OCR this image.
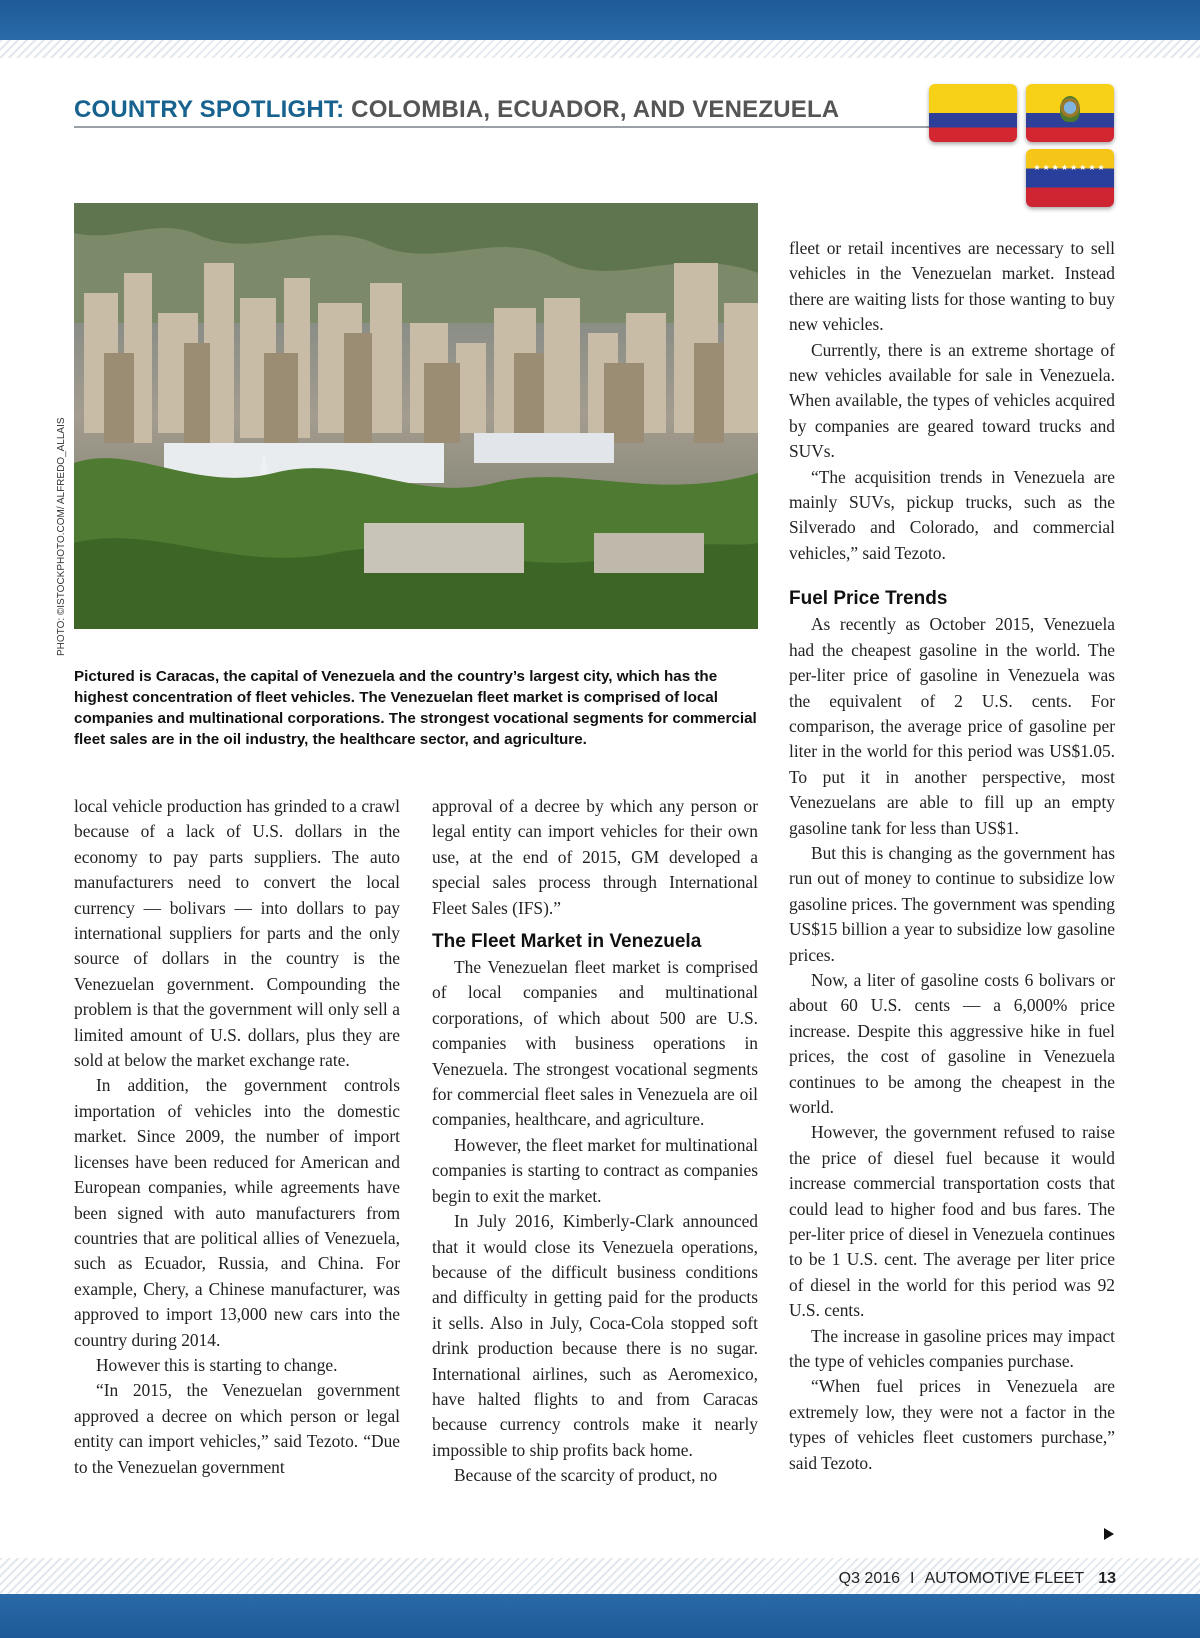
COUNTRY SPOTLIGHT: COLOMBIA, ECUADOR, AND VENEZUELA
★★★★★★★★
PHOTO: ©ISTOCKPHOTO.COM/ ALFREDO_ALLAIS
Pictured is Caracas, the capital of Venezuela and the country’s largest city, which has the highest concentration of fleet vehicles. The Venezuelan fleet market is comprised of local companies and multinational corporations. The strongest vocational segments for commercial fleet sales are in the oil industry, the healthcare sector, and agriculture.

local vehicle production has grinded to a crawl because of a lack of U.S. dollars in the economy to pay parts suppliers. The auto manufacturers need to convert the local currency — bolivars — into dollars to pay international suppliers for parts and the only source of dollars in the country is the Venezuelan government. Compounding the problem is that the government will only sell a limited amount of U.S. dollars, plus they are sold at below the market exchange rate.

In addition, the government controls importation of vehicles into the domestic market. Since 2009, the number of import licenses have been reduced for American and European companies, while agreements have been signed with auto manufacturers from countries that are political allies of Venezuela, such as Ecuador, Russia, and China. For example, Chery, a Chinese manufacturer, was approved to import 13,000 new cars into the country during 2014.

However this is starting to change.

“In 2015, the Venezuelan government approved a decree on which person or legal entity can import vehicles,” said Tezoto. “Due to the Venezuelan government

approval of a decree by which any person or legal entity can import vehicles for their own use, at the end of 2015, GM developed a special sales process through International Fleet Sales (IFS).”

The Fleet Market in Venezuela

The Venezuelan fleet market is comprised of local companies and multinational corporations, of which about 500 are U.S. companies with business operations in Venezuela. The strongest vocational segments for commercial fleet sales in Venezuela are oil companies, healthcare, and agriculture.

However, the fleet market for multinational companies is starting to contract as companies begin to exit the market.

In July 2016, Kimberly-Clark announced that it would close its Venezuela operations, because of the difficult business conditions and difficulty in getting paid for the products it sells. Also in July, Coca-Cola stopped soft drink production because there is no sugar. International airlines, such as Aeromexico, have halted flights to and from Caracas because currency controls make it nearly impossible to ship profits back home.

Because of the scarcity of product, no

fleet or retail incentives are necessary to sell vehicles in the Venezuelan market. Instead there are waiting lists for those wanting to buy new vehicles.

Currently, there is an extreme shortage of new vehicles available for sale in Venezuela. When available, the types of vehicles acquired by companies are geared toward trucks and SUVs.

“The acquisition trends in Venezuela are mainly SUVs, pickup trucks, such as the Silverado and Colorado, and commercial vehicles,” said Tezoto.

Fuel Price Trends

As recently as October 2015, Venezuela had the cheapest gasoline in the world. The per-liter price of gasoline in Venezuela was the equivalent of 2 U.S. cents. For comparison, the average price of gasoline per liter in the world for this period was US$1.05. To put it in another perspective, most Venezuelans are able to fill up an empty gasoline tank for less than US$1.

But this is changing as the government has run out of money to continue to subsidize low gasoline prices. The government was spending US$15 billion a year to subsidize low gasoline prices.

Now, a liter of gasoline costs 6 bolivars or about 60 U.S. cents — a 6,000% price increase. Despite this aggressive hike in fuel prices, the cost of gasoline in Venezuela continues to be among the cheapest in the world.

However, the government refused to raise the price of diesel fuel because it would increase commercial transportation costs that could lead to higher food and bus fares. The per-liter price of diesel in Venezuela continues to be 1 U.S. cent. The average per liter price of diesel in the world for this period was 92 U.S. cents.

The increase in gasoline prices may impact the type of vehicles companies purchase.

“When fuel prices in Venezuela are extremely low, they were not a factor in the types of vehicles fleet customers purchase,” said Tezoto.

Q3 2016 I AUTOMOTIVE FLEET 13
